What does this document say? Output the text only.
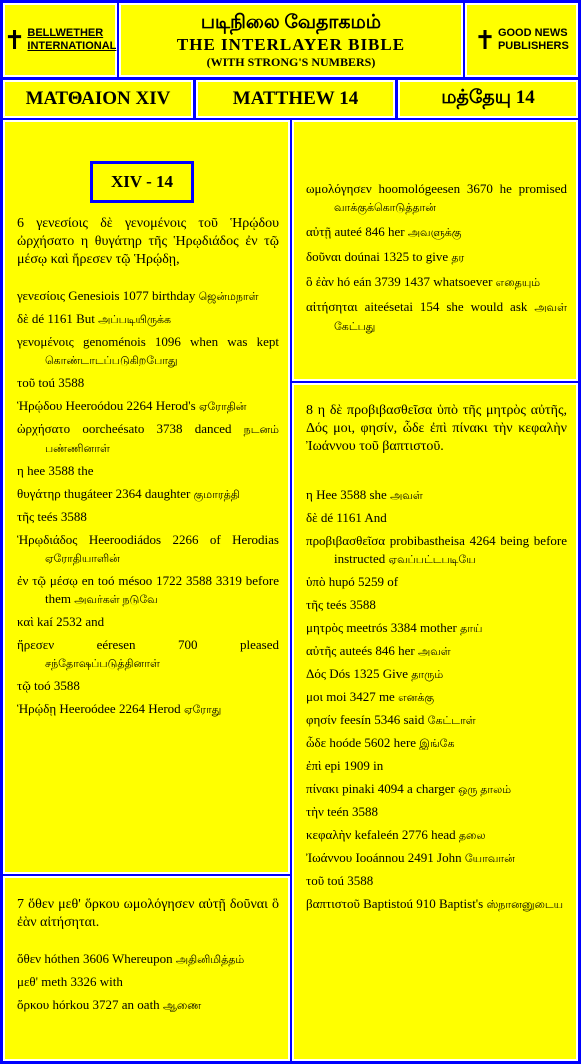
✝ BELLWETHER
INTERNATIONAL
படிநிலை வேதாகமம்
THE INTERLAYER BIBLE
(WITH STRONG'S NUMBERS)
✝ GOOD NEWS
PUBLISHERS
ΜΑΤΘΑΙΟΝ XIV	MATTHEW 14	மத்தேயு 14
XIV - 14
6 γενεσίοις δὲ γενομένοις τοῦ Ἡρῴδου ὠρχήσατο η θυγάτηρ τῆς Ἡρῳδιάδος ἐν τῷ μέσῳ καὶ ἤρεσεν τῷ Ἡρῴδῃ,
γενεσίοις Genesiois 1077 birthday ஜென்மநாள்
δὲ dé 1161 But அப்படியிருக்க
γενομένοις genoménois 1096 when was kept கொண்டாடப்படுகிறபோது
τοῦ toú 3588
Ἡρῴδου Heeroódou 2264 Herod's ஏரோதின்
ὠρχήσατο oorcheésato 3738 danced நடனம் பண்ணினாள்
η hee 3588 the
θυγάτηρ thugáteer 2364 daughter குமாரத்தி
τῆς teés 3588
Ἡρῳδιάδος Heeroodiádos 2266 of Herodias ஏரோதியாளின்
ἐν τῷ μέσῳ en toó mésoo 1722 3588 3319 before them அவர்கள் நடுவே
καὶ kaí 2532 and
ἤρεσεν	eéresen 700 pleased சந்தோஷப்படுத்தினாள்
τῷ toó 3588
Ἡρῴδῃ Heeroódee 2264 Herod ஏரோது
7 ὅθεν μεθ' ὅρκου ωμολόγησεν αὐτῇ δοῦναι ὃ ἐὰν αἰτήσηται.
ὅθεν hóthen 3606 Whereupon அதினிமித்தம்
μεθ' meth 3326 with
ὅρκου hórkou 3727 an oath ஆணை
ωμολόγησεν hoomológeesen 3670 he promised வாக்குக்கொடுத்தான்
αὐτῇ auteé 846 her அவளுக்கு
δοῦναι doúnai 1325 to give தர
ὃ ἐὰν hó eán 3739 1437 whatsoever எதையும்
αἰτήσηται aiteésetai 154 she would ask அவள் கேட்பது
8 η δὲ προβιβασθεῖσα ὑπὸ τῆς μητρὸς αὐτῆς, Δός μοι, φησίν, ὧδε ἐπὶ πίνακι τὴν κεφαλὴν Ἰωάννου τοῦ βαπτιστοῦ.
η Hee 3588 she அவள்
δὲ dé 1161 And
προβιβασθεῖσα probibastheisa 4264 being before instructed ஏவப்பட்டபடியே
ὑπὸ hupó 5259 of
τῆς teés 3588
μητρὸς meetrós 3384 mother தாய்
αὐτῆς auteés 846 her அவள்
Δός Dós 1325 Give தாரும்
μοι moi 3427 me எனக்கு
φησίν feesín 5346 said கேட்டாள்
ὧδε hoóde 5602 here இங்கே
ἐπὶ epi 1909 in
πίνακι pinaki 4094 a charger ஒரு தாலம்
τὴν teén 3588
κεφαλὴν kefaleén 2776 head தலை
Ἰωάννου Iooánnou 2491 John யோவான்
τοῦ toú 3588
βαπτιστοῦ Baptistoú 910 Baptist's ஸ்நானனுடைய
